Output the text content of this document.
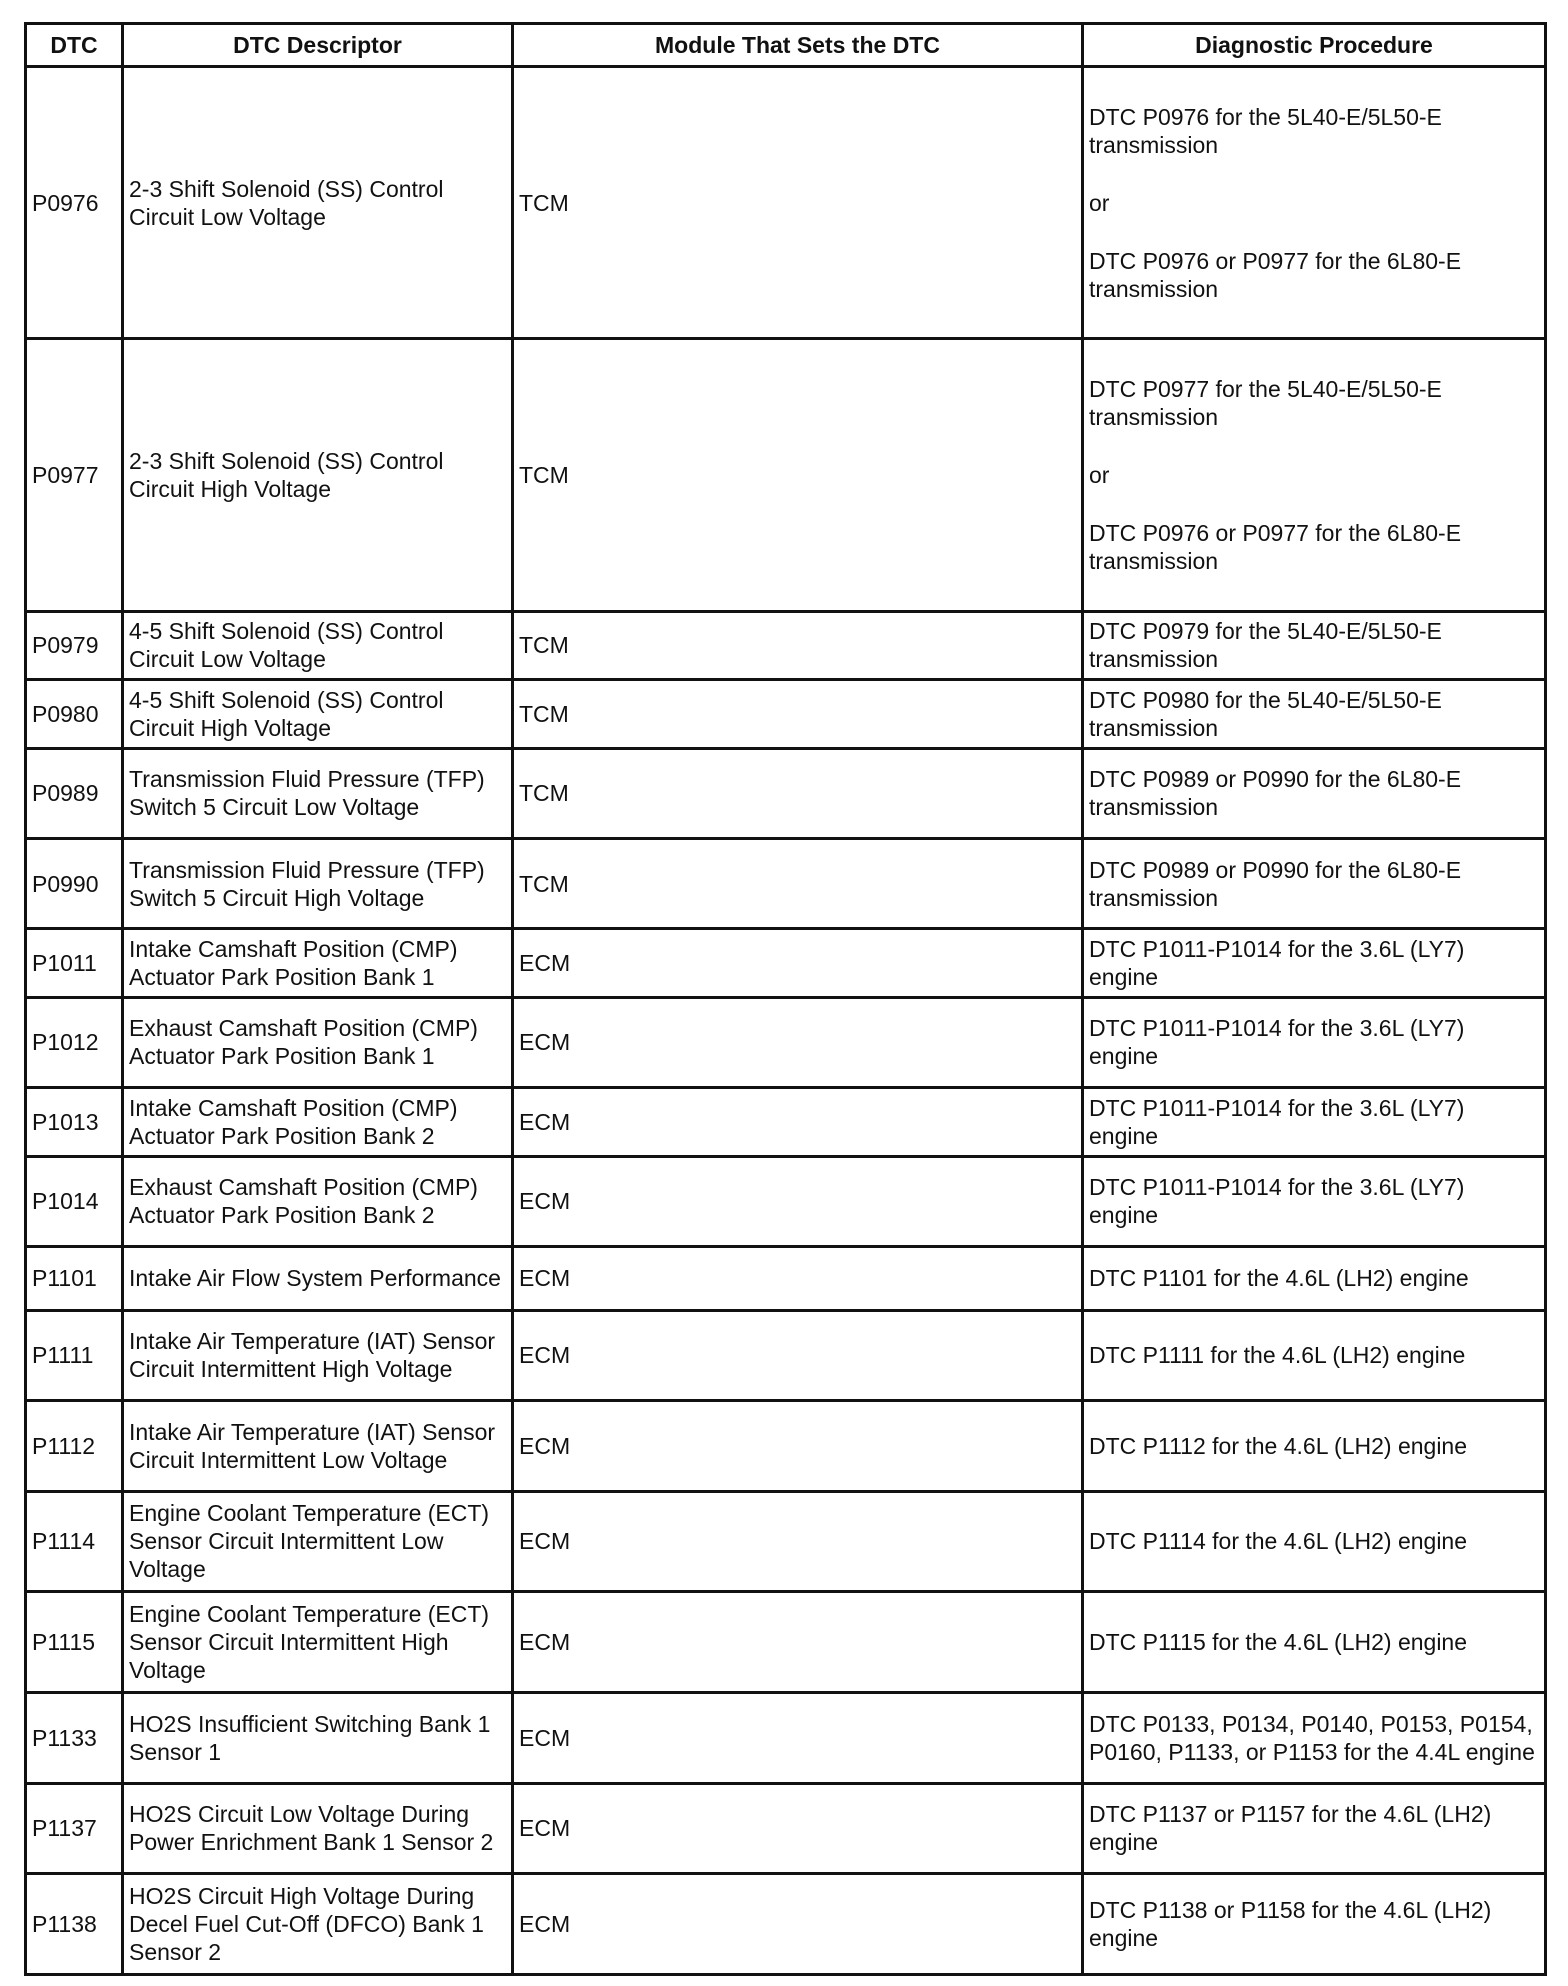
DTC	DTC Descriptor	Module That Sets the DTC	Diagnostic Procedure
P0976	2-3 Shift Solenoid (SS) Control Circuit Low Voltage	TCM	DTC P0976 for the 5L40-E/5L50-E transmission
or
DTC P0976 or P0977 for the 6L80-E transmission

P0977	2-3 Shift Solenoid (SS) Control Circuit High Voltage	TCM	DTC P0977 for the 5L40-E/5L50-E transmission
or
DTC P0976 or P0977 for the 6L80-E transmission

P0979	4-5 Shift Solenoid (SS) Control Circuit Low Voltage	TCM	DTC P0979 for the 5L40-E/5L50-E transmission

P0980	4-5 Shift Solenoid (SS) Control Circuit High Voltage	TCM	DTC P0980 for the 5L40-E/5L50-E transmission

P0989	Transmission Fluid Pressure (TFP) Switch 5 Circuit Low Voltage	TCM	DTC P0989 or P0990 for the 6L80-E transmission

P0990	Transmission Fluid Pressure (TFP) Switch 5 Circuit High Voltage	TCM	DTC P0989 or P0990 for the 6L80-E transmission

P1011	Intake Camshaft Position (CMP) Actuator Park Position Bank 1	ECM	DTC P1011-P1014 for the 3.6L (LY7) engine

P1012	Exhaust Camshaft Position (CMP) Actuator Park Position Bank 1	ECM	DTC P1011-P1014 for the 3.6L (LY7) engine

P1013	Intake Camshaft Position (CMP) Actuator Park Position Bank 2	ECM	DTC P1011-P1014 for the 3.6L (LY7) engine

P1014	Exhaust Camshaft Position (CMP) Actuator Park Position Bank 2	ECM	DTC P1011-P1014 for the 3.6L (LY7) engine

P1101	Intake Air Flow System Performance	ECM	DTC P1101 for the 4.6L (LH2) engine

P1111	Intake Air Temperature (IAT) Sensor Circuit Intermittent High Voltage	ECM	DTC P1111 for the 4.6L (LH2) engine

P1112	Intake Air Temperature (IAT) Sensor Circuit Intermittent Low Voltage	ECM	DTC P1112 for the 4.6L (LH2) engine

P1114	Engine Coolant Temperature (ECT) Sensor Circuit Intermittent Low Voltage	ECM	DTC P1114 for the 4.6L (LH2) engine

P1115	Engine Coolant Temperature (ECT) Sensor Circuit Intermittent High Voltage	ECM	DTC P1115 for the 4.6L (LH2) engine

P1133	HO2S Insufficient Switching Bank 1 Sensor 1	ECM	DTC P0133, P0134, P0140, P0153, P0154, P0160, P1133, or P1153 for the 4.4L engine

P1137	HO2S Circuit Low Voltage During Power Enrichment Bank 1 Sensor 2	ECM	DTC P1137 or P1157 for the 4.6L (LH2) engine

P1138	HO2S Circuit High Voltage During Decel Fuel Cut-Off (DFCO) Bank 1 Sensor 2	ECM	DTC P1138 or P1158 for the 4.6L (LH2) engine
